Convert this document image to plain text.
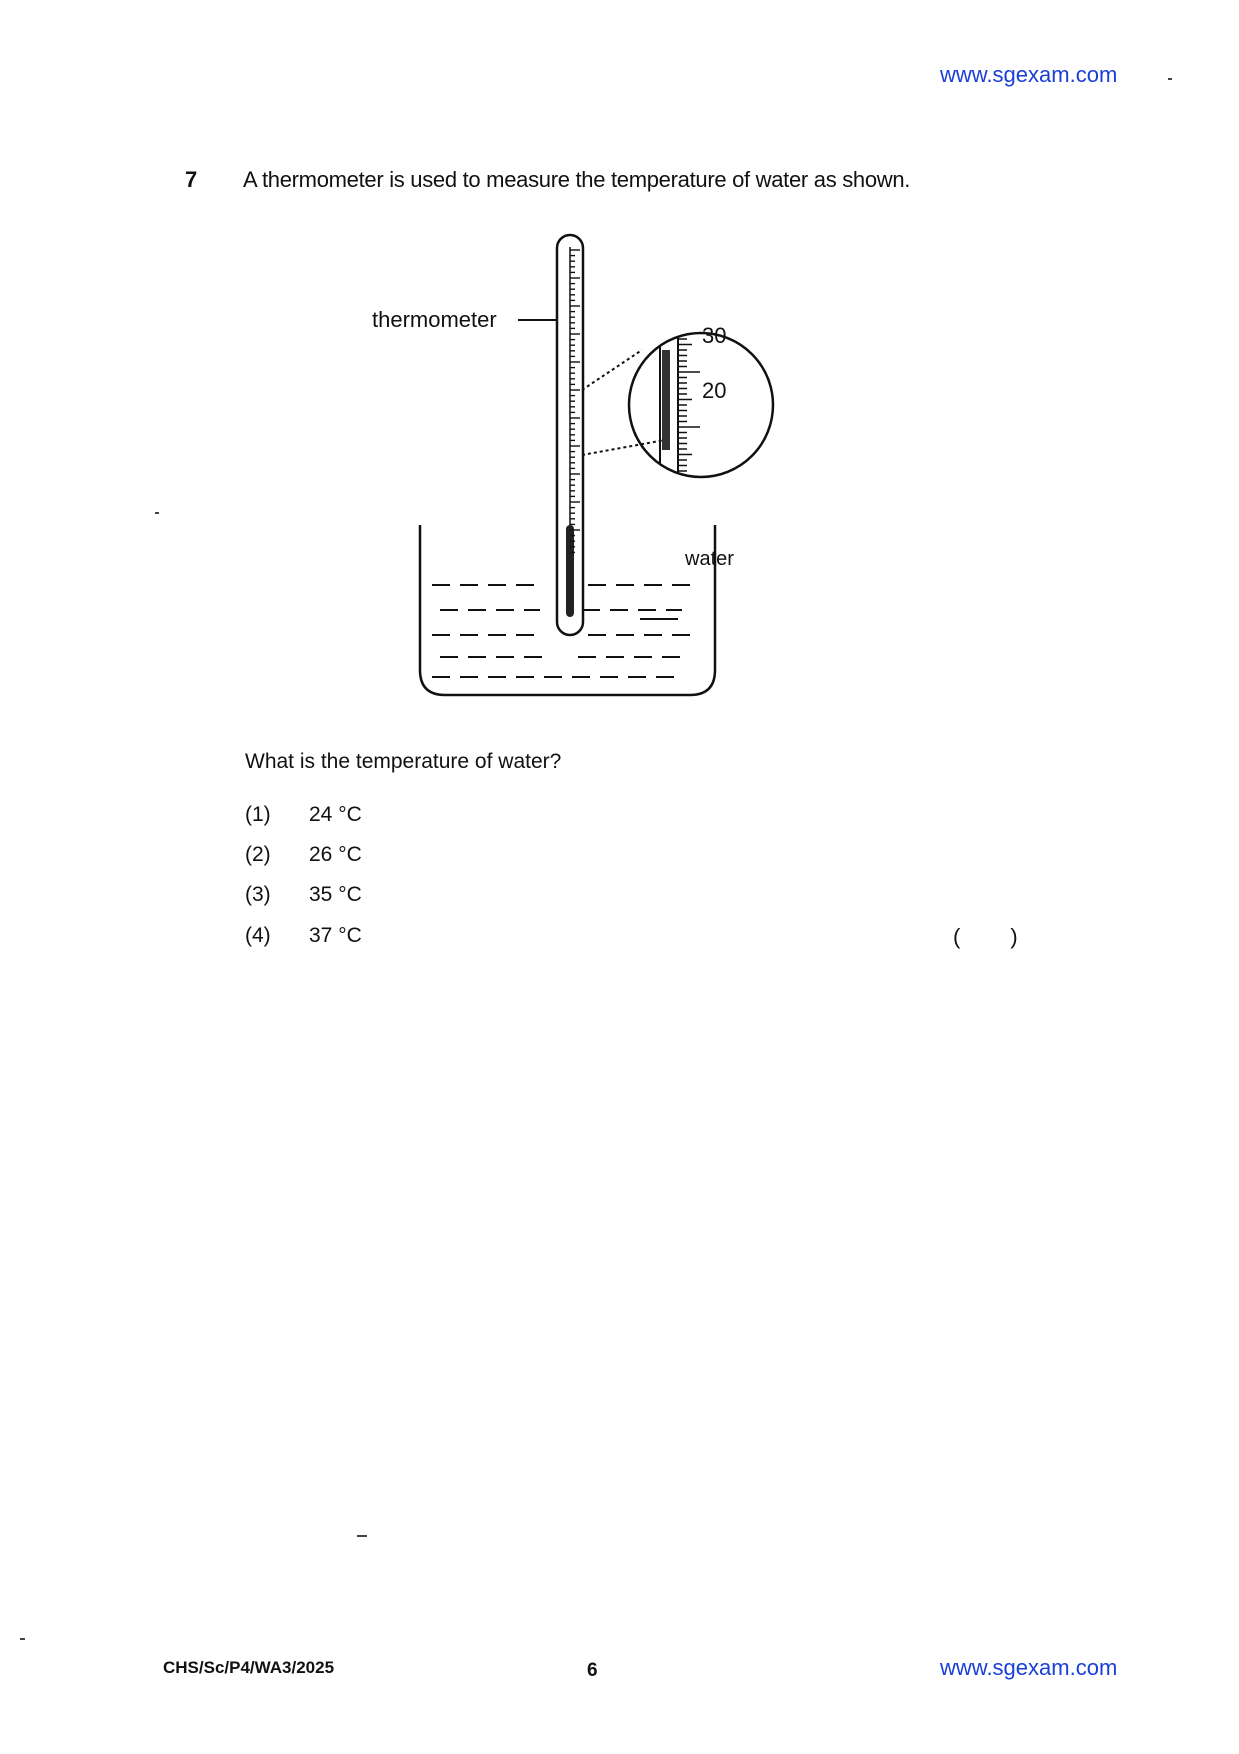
www.sgexam.com
7 A thermometer is used to measure the temperature of water as shown.
thermometer
water
30
20
What is the temperature of water?
(1) 24 °C
(2) 26 °C
(3) 35 °C
(4) 37 °C	( )
CHS/Sc/P4/WA3/2025	6	www.sgexam.com
